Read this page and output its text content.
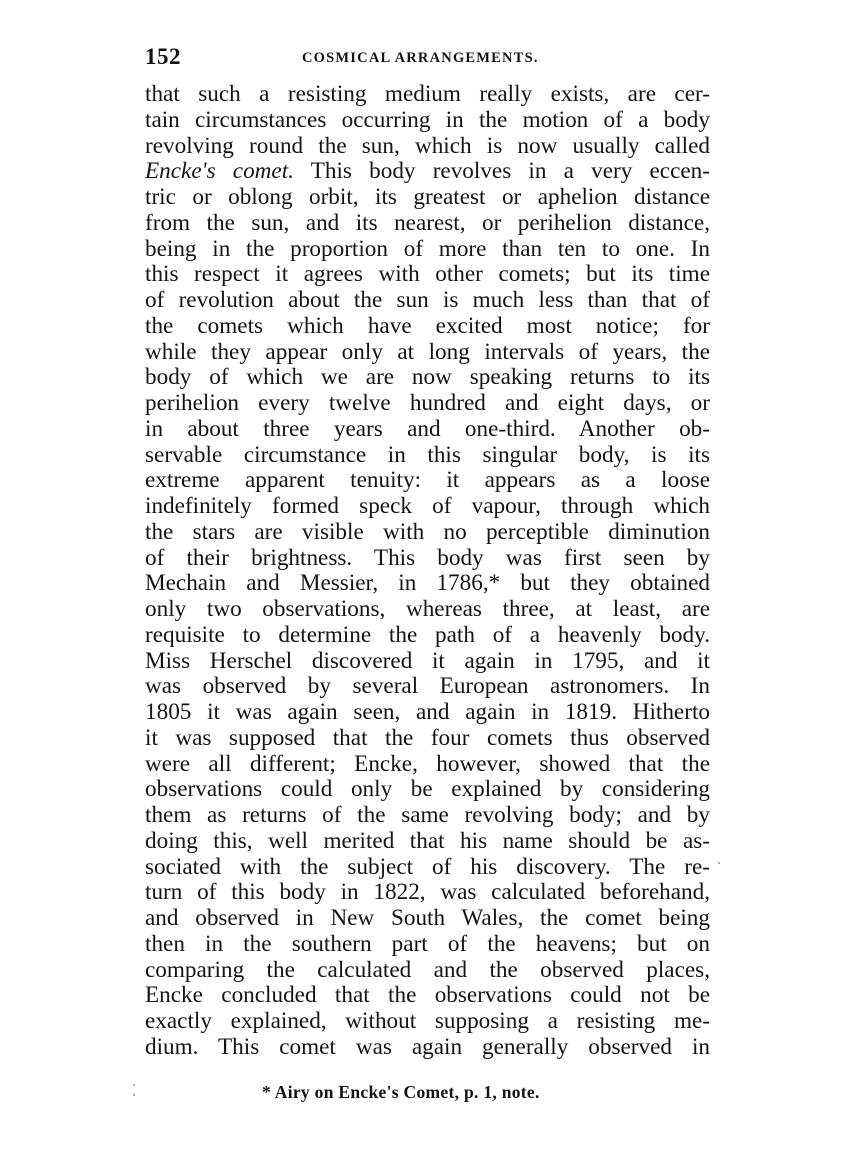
152	COSMICAL ARRANGEMENTS.
that such a resisting medium really exists, are cer-
tain circumstances occurring in the motion of a body
revolving round the sun, which is now usually called
Encke's comet. This body revolves in a very eccen-
tric or oblong orbit, its greatest or aphelion distance
from the sun, and its nearest, or perihelion distance,
being in the proportion of more than ten to one. In
this respect it agrees with other comets; but its time
of revolution about the sun is much less than that of
the comets which have excited most notice; for
while they appear only at long intervals of years, the
body of which we are now speaking returns to its
perihelion every twelve hundred and eight days, or
in about three years and one-third. Another ob-
servable circumstance in this singular body, is its
extreme apparent tenuity: it appears as a loose
indefinitely formed speck of vapour, through which
the stars are visible with no perceptible diminution
of their brightness. This body was first seen by
Mechain and Messier, in 1786,* but they obtained
only two observations, whereas three, at least, are
requisite to determine the path of a heavenly body.
Miss Herschel discovered it again in 1795, and it
was observed by several European astronomers. In
1805 it was again seen, and again in 1819. Hitherto
it was supposed that the four comets thus observed
were all different; Encke, however, showed that the
observations could only be explained by considering
them as returns of the same revolving body; and by
doing this, well merited that his name should be as-
sociated with the subject of his discovery. The re-
turn of this body in 1822, was calculated beforehand,
and observed in New South Wales, the comet being
then in the southern part of the heavens; but on
comparing the calculated and the observed places,
Encke concluded that the observations could not be
exactly explained, without supposing a resisting me-
dium. This comet was again generally observed in
* Airy on Encke's Comet, p. 1, note.
